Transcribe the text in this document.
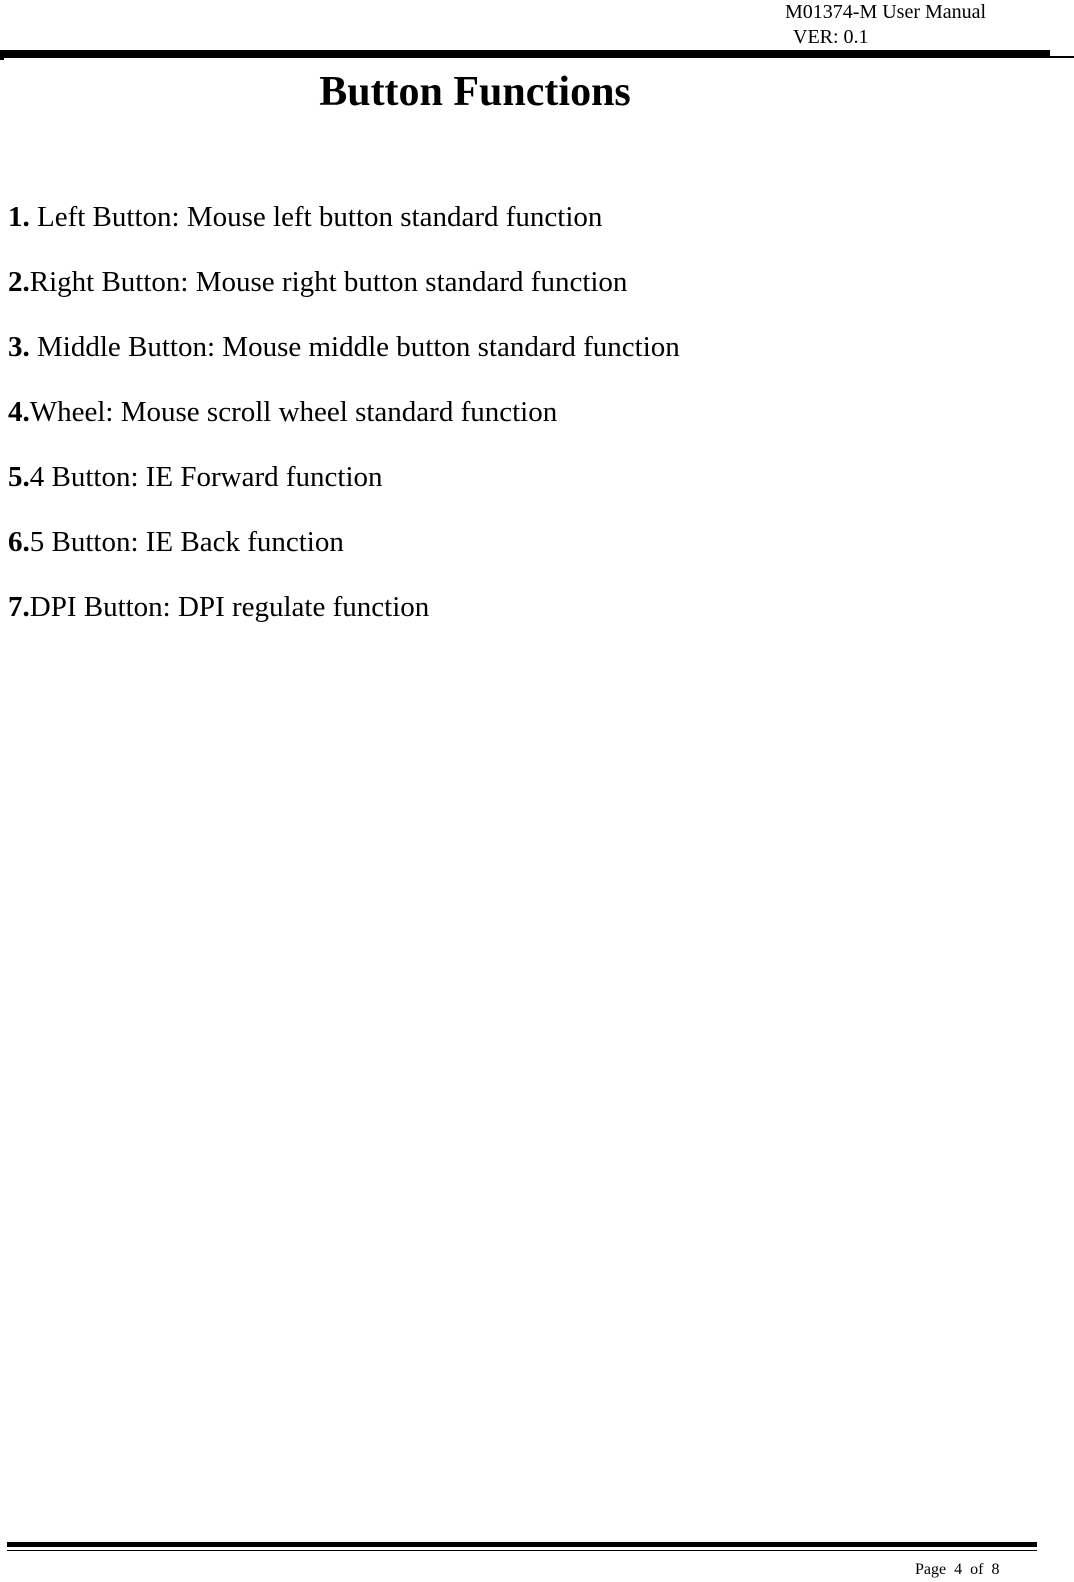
M01374-M User Manual
VER: 0.1
Button Functions
1. Left Button: Mouse left button standard function
2.Right Button: Mouse right button standard function
3. Middle Button: Mouse middle button standard function
4.Wheel: Mouse scroll wheel standard function
5.4 Button: IE Forward function
6.5 Button: IE Back function
7.DPI Button: DPI regulate function
Page 4 of 8
